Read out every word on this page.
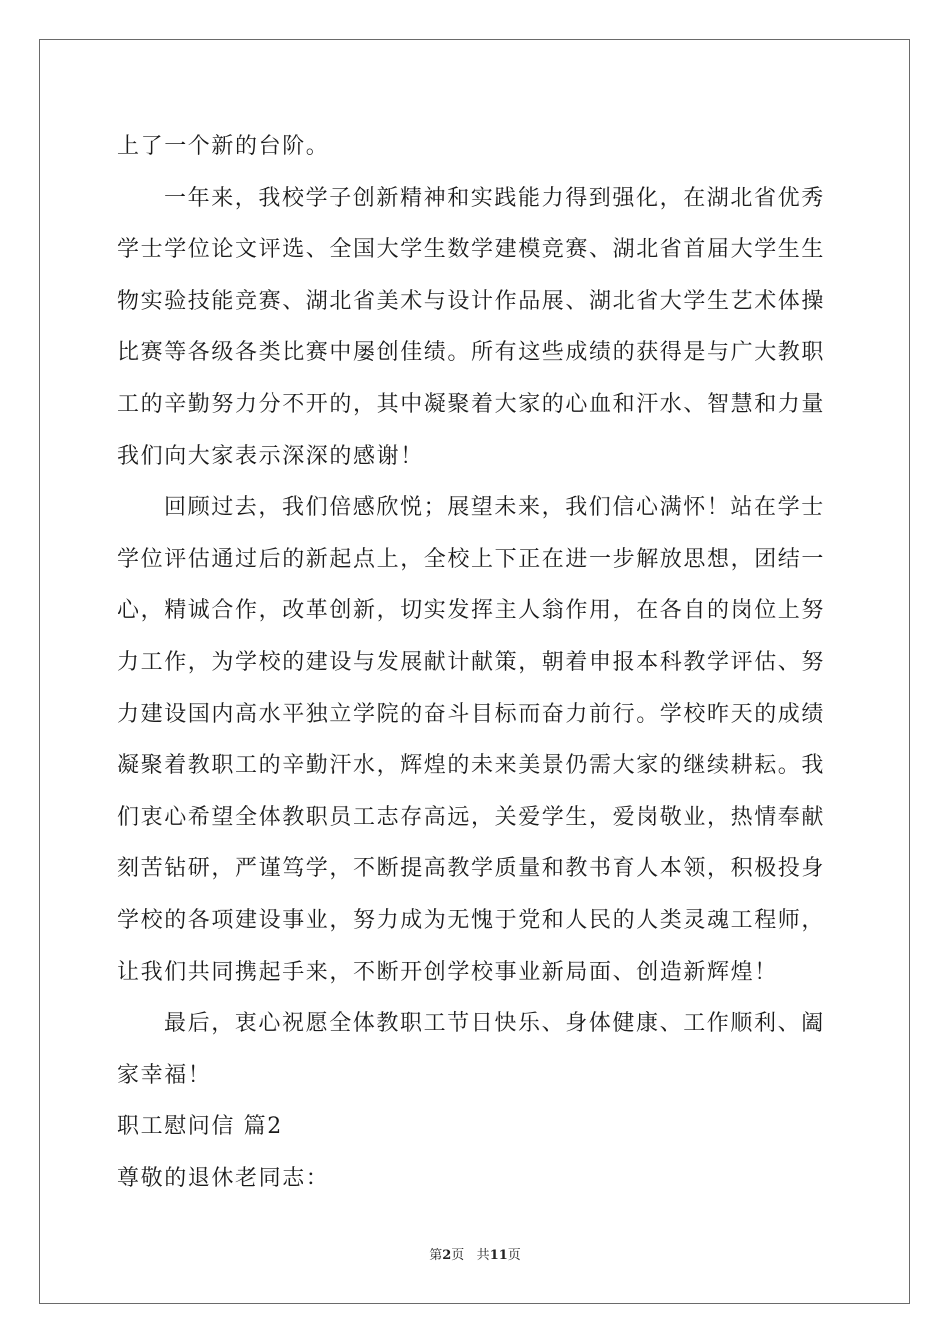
上了一个新的台阶。
一年来，我校学子创新精神和实践能力得到强化，在湖北省优秀
学士学位论文评选、全国大学生数学建模竞赛、湖北省首届大学生生
物实验技能竞赛、湖北省美术与设计作品展、湖北省大学生艺术体操
比赛等各级各类比赛中屡创佳绩。所有这些成绩的获得是与广大教职
工的辛勤努力分不开的，其中凝聚着大家的心血和汗水、智慧和力量
我们向大家表示深深的感谢！
回顾过去，我们倍感欣悦；展望未来，我们信心满怀！站在学士
学位评估通过后的新起点上，全校上下正在进一步解放思想，团结一
心，精诚合作，改革创新，切实发挥主人翁作用，在各自的岗位上努
力工作，为学校的建设与发展献计献策，朝着申报本科教学评估、努
力建设国内高水平独立学院的奋斗目标而奋力前行。学校昨天的成绩
凝聚着教职工的辛勤汗水，辉煌的未来美景仍需大家的继续耕耘。我
们衷心希望全体教职员工志存高远，关爱学生，爱岗敬业，热情奉献
刻苦钻研，严谨笃学，不断提高教学质量和教书育人本领，积极投身
学校的各项建设事业，努力成为无愧于党和人民的人类灵魂工程师，
让我们共同携起手来，不断开创学校事业新局面、创造新辉煌！
最后，衷心祝愿全体教职工节日快乐、身体健康、工作顺利、阖
家幸福！
职工慰问信 篇2
尊敬的退休老同志：
第2页 共11页
